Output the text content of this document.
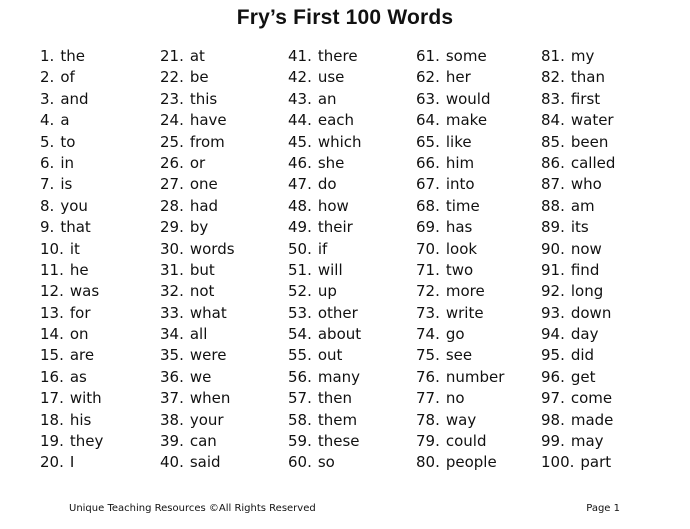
Fry’s First 100 Words
1. the
2. of
3. and
4. a
5. to
6. in
7. is
8. you
9. that
10. it
11. he
12. was
13. for
14. on
15. are
16. as
17. with
18. his
19. they
20. I
21. at
22. be
23. this
24. have
25. from
26. or
27. one
28. had
29. by
30. words
31. but
32. not
33. what
34. all
35. were
36. we
37. when
38. your
39. can
40. said
41. there
42. use
43. an
44. each
45. which
46. she
47. do
48. how
49. their
50. if
51. will
52. up
53. other
54. about
55. out
56. many
57. then
58. them
59. these
60. so
61. some
62. her
63. would
64. make
65. like
66. him
67. into
68. time
69. has
70. look
71. two
72. more
73. write
74. go
75. see
76. number
77. no
78. way
79. could
80. people
81. my
82. than
83. first
84. water
85. been
86. called
87. who
88. am
89. its
90. now
91. find
92. long
93. down
94. day
95. did
96. get
97. come
98. made
99. may
100. part
Unique Teaching Resources ©All Rights Reserved	Page 1
